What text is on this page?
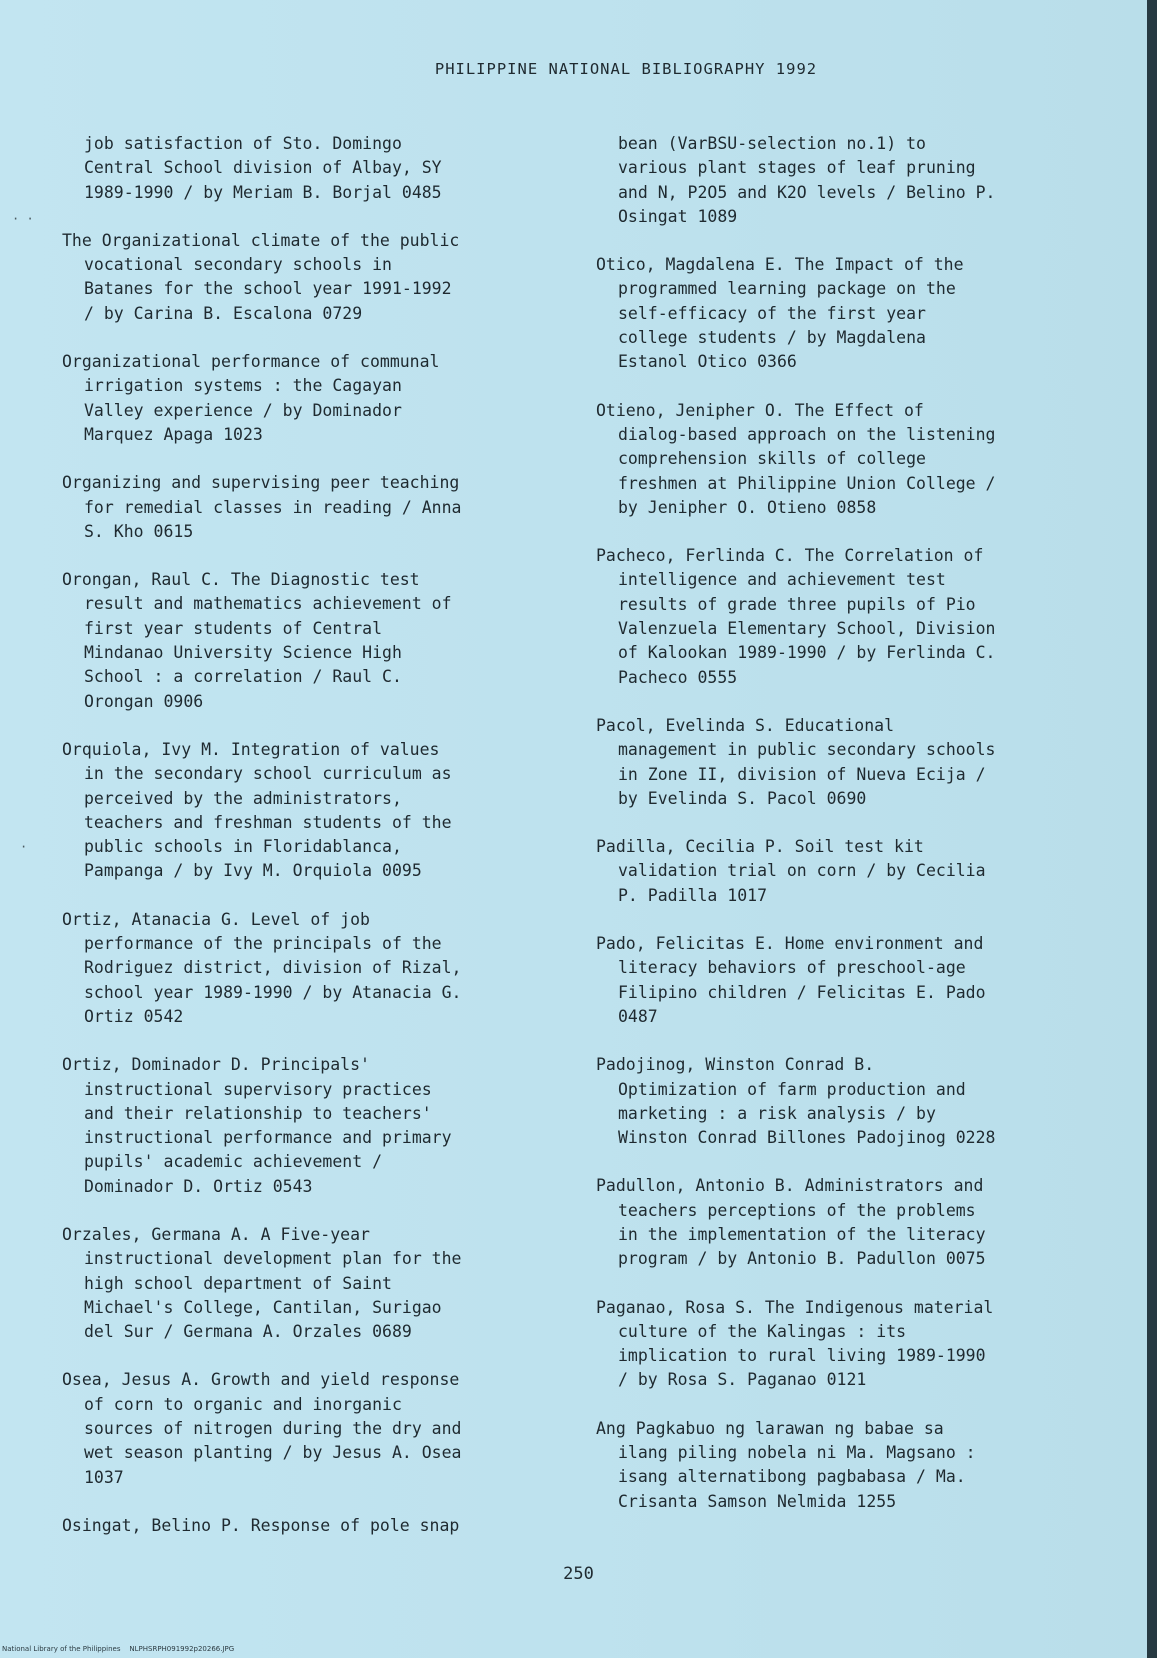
PHILIPPINE NATIONAL BIBLIOGRAPHY 1992
job satisfaction of Sto. Domingo
Central School division of Albay, SY
1989-1990 / by Meriam B. Borjal 0485
The Organizational climate of the public
vocational secondary schools in
Batanes for the school year 1991-1992
/ by Carina B. Escalona 0729
Organizational performance of communal
irrigation systems : the Cagayan
Valley experience / by Dominador
Marquez Apaga 1023
Organizing and supervising peer teaching
for remedial classes in reading / Anna
S. Kho 0615
Orongan, Raul C. The Diagnostic test
result and mathematics achievement of
first year students of Central
Mindanao University Science High
School : a correlation / Raul C.
Orongan 0906
Orquiola, Ivy M. Integration of values
in the secondary school curriculum as
perceived by the administrators,
teachers and freshman students of the
public schools in Floridablanca,
Pampanga / by Ivy M. Orquiola 0095
Ortiz, Atanacia G. Level of job
performance of the principals of the
Rodriguez district, division of Rizal,
school year 1989-1990 / by Atanacia G.
Ortiz 0542
Ortiz, Dominador D. Principals'
instructional supervisory practices
and their relationship to teachers'
instructional performance and primary
pupils' academic achievement /
Dominador D. Ortiz 0543
Orzales, Germana A. A Five-year
instructional development plan for the
high school department of Saint
Michael's College, Cantilan, Surigao
del Sur / Germana A. Orzales 0689
Osea, Jesus A. Growth and yield response
of corn to organic and inorganic
sources of nitrogen during the dry and
wet season planting / by Jesus A. Osea
1037
Osingat, Belino P. Response of pole snap
bean (VarBSU-selection no.1) to
various plant stages of leaf pruning
and N, P2O5 and K2O levels / Belino P.
Osingat 1089
Otico, Magdalena E. The Impact of the
programmed learning package on the
self-efficacy of the first year
college students / by Magdalena
Estanol Otico 0366
Otieno, Jenipher O. The Effect of
dialog-based approach on the listening
comprehension skills of college
freshmen at Philippine Union College /
by Jenipher O. Otieno 0858
Pacheco, Ferlinda C. The Correlation of
intelligence and achievement test
results of grade three pupils of Pio
Valenzuela Elementary School, Division
of Kalookan 1989-1990 / by Ferlinda C.
Pacheco 0555
Pacol, Evelinda S. Educational
management in public secondary schools
in Zone II, division of Nueva Ecija /
by Evelinda S. Pacol 0690
Padilla, Cecilia P. Soil test kit
validation trial on corn / by Cecilia
P. Padilla 1017
Pado, Felicitas E. Home environment and
literacy behaviors of preschool-age
Filipino children / Felicitas E. Pado
0487
Padojinog, Winston Conrad B.
Optimization of farm production and
marketing : a risk analysis / by
Winston Conrad Billones Padojinog 0228
Padullon, Antonio B. Administrators and
teachers perceptions of the problems
in the implementation of the literacy
program / by Antonio B. Padullon 0075
Paganao, Rosa S. The Indigenous material
culture of the Kalingas : its
implication to rural living 1989-1990
/ by Rosa S. Paganao 0121
Ang Pagkabuo ng larawan ng babae sa
ilang piling nobela ni Ma. Magsano :
isang alternatibong pagbabasa / Ma.
Crisanta Samson Nelmida 1255
250
National Library of the Philippines    NLPHSRPH091992p20266.JPG
· ·
·
